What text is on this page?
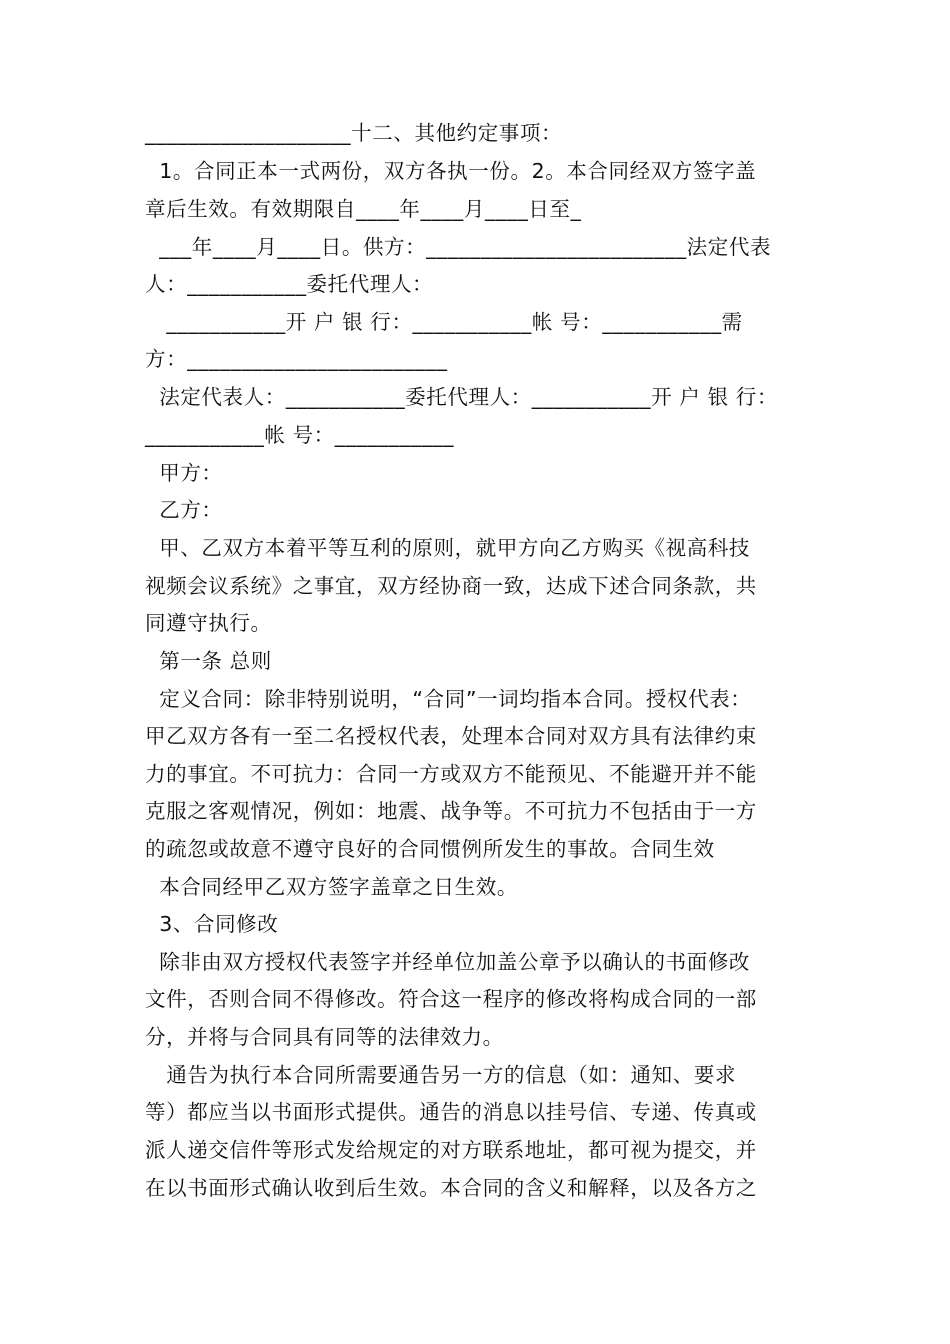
___________________十二、其他约定事项：
1。合同正本一式两份，双方各执一份。2。本合同经双方签字盖
章后生效。有效期限自____年____月____日至_
___年____月____日。供方：________________________法定代表
人：___________委托代理人：
___________开 户 银 行：___________帐 号：___________需
方：________________________
法定代表人：___________委托代理人：___________开 户 银 行：
___________帐 号：___________
甲方：
乙方：
甲、乙双方本着平等互利的原则，就甲方向乙方购买《视高科技
视频会议系统》之事宜，双方经协商一致，达成下述合同条款，共
同遵守执行。
第一条 总则
定义合同：除非特别说明，“合同”一词均指本合同。授权代表：
甲乙双方各有一至二名授权代表，处理本合同对双方具有法律约束
力的事宜。不可抗力：合同一方或双方不能预见、不能避开并不能
克服之客观情况，例如：地震、战争等。不可抗力不包括由于一方
的疏忽或故意不遵守良好的合同惯例所发生的事故。合同生效
本合同经甲乙双方签字盖章之日生效。
3、合同修改
除非由双方授权代表签字并经单位加盖公章予以确认的书面修改
文件，否则合同不得修改。符合这一程序的修改将构成合同的一部
分，并将与合同具有同等的法律效力。
通告为执行本合同所需要通告另一方的信息（如：通知、要求
等）都应当以书面形式提供。通告的消息以挂号信、专递、传真或
派人递交信件等形式发给规定的对方联系地址，都可视为提交，并
在以书面形式确认收到后生效。本合同的含义和解释，以及各方之
